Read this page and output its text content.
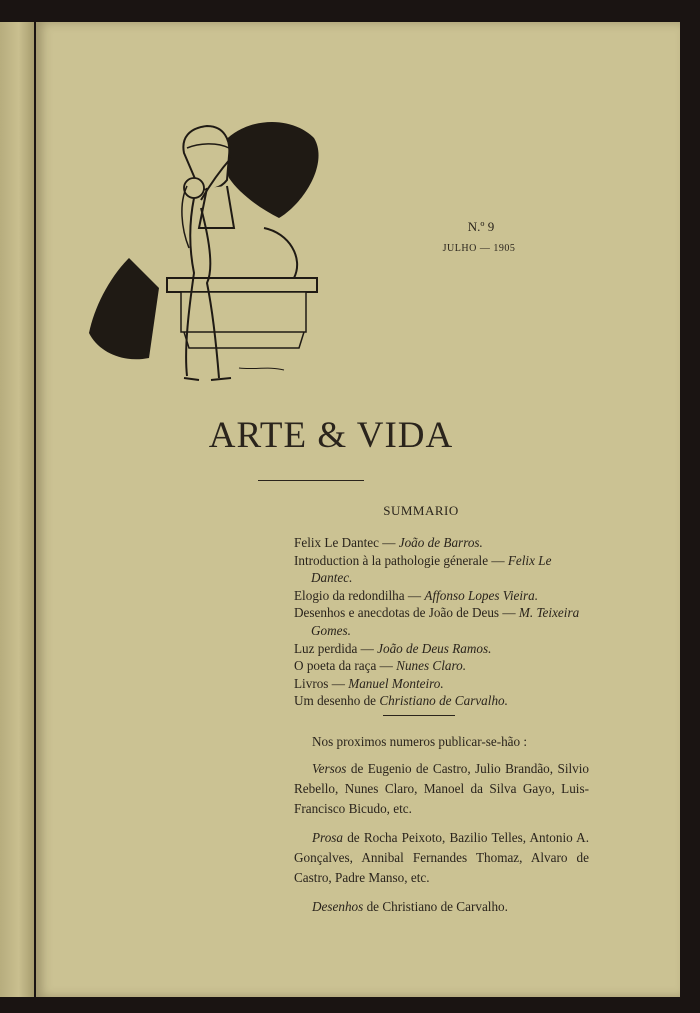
N.º 9
JULHO — 1905
ARTE & VIDA
SUMMARIO
Felix Le Dantec — João de Barros.
Introduction à la pathologie génerale — Felix Le Dantec.
Elogio da redondilha — Affonso Lopes Vieira.
Desenhos e anecdotas de João de Deus — M. Teixeira Gomes.
Luz perdida — João de Deus Ramos.
O poeta da raça — Nunes Claro.
Livros — Manuel Monteiro.
Um desenho de Christiano de Carvalho.

Nos proximos numeros publicar-se-hão :

Versos de Eugenio de Castro, Julio Brandão, Silvio Rebello, Nunes Claro, Manoel da Silva Gayo, Luis-Francisco Bicudo, etc.

Prosa de Rocha Peixoto, Bazilio Telles, Antonio A. Gonçalves, Annibal Fernandes Thomaz, Alvaro de Castro, Padre Manso, etc.

Desenhos de Christiano de Carvalho.
